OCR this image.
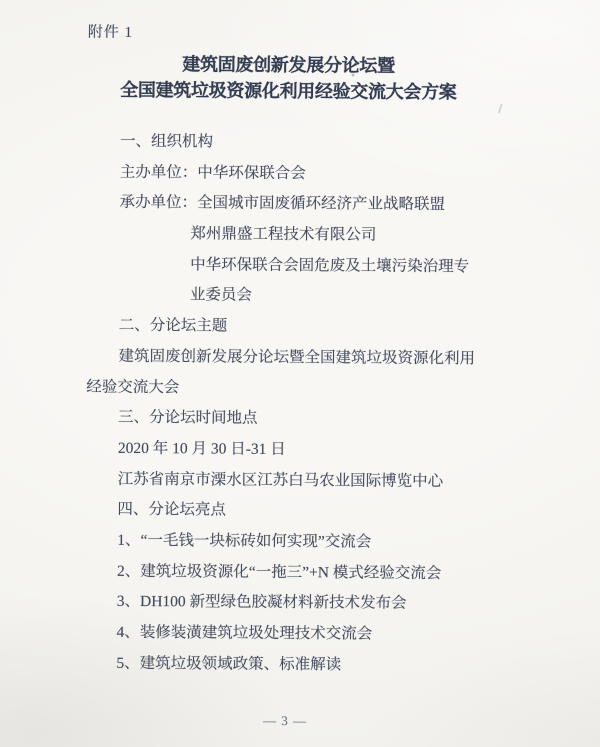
附件 1
建筑固废创新发展分论坛暨
全国建筑垃圾资源化利用经验交流大会方案
一、组织机构
主办单位：中华环保联合会
承办单位：全国城市固废循环经济产业战略联盟
郑州鼎盛工程技术有限公司
中华环保联合会固危废及土壤污染治理专
业委员会
二、分论坛主题
建筑固废创新发展分论坛暨全国建筑垃圾资源化利用
经验交流大会
三、分论坛时间地点
2020 年 10 月 30 日-31 日
江苏省南京市溧水区江苏白马农业国际博览中心
四、分论坛亮点
1、“一毛钱一块标砖如何实现”交流会
2、建筑垃圾资源化“一拖三”+N 模式经验交流会
3、DH100 新型绿色胶凝材料新技术发布会
4、装修装潢建筑垃圾处理技术交流会
5、建筑垃圾领域政策、标准解读
— 3 —
